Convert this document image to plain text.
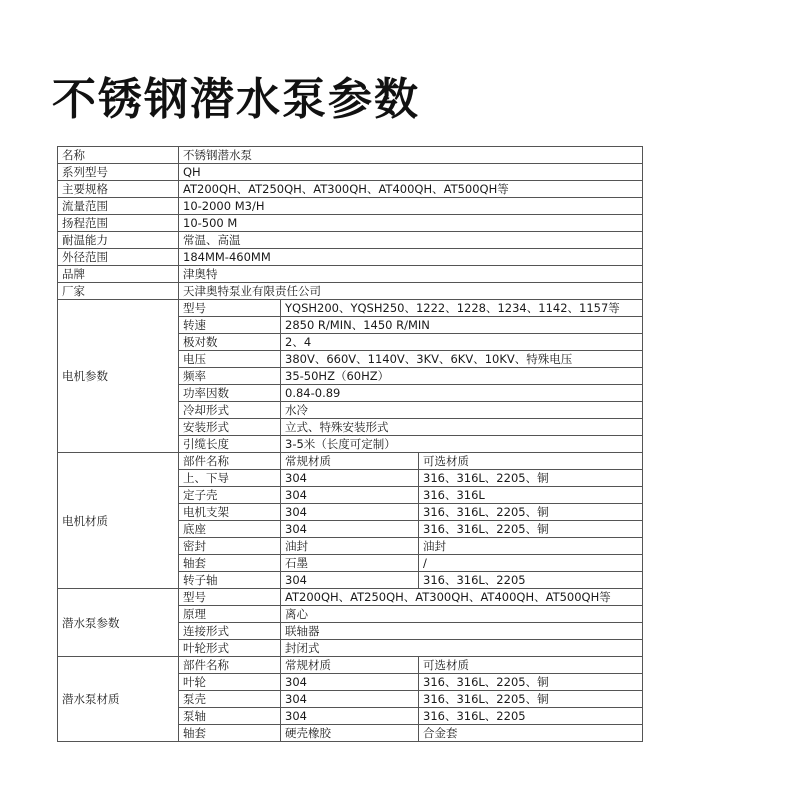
不锈钢潜水泵参数
名称	不锈钢潜水泵		
系列型号	QH		
主要规格	AT200QH、AT250QH、AT300QH、AT400QH、AT500QH等		
流量范围	10-2000 M3/H		
扬程范围	10-500 M		
耐温能力	常温、高温		
外径范围	184MM-460MM		
品牌	津奥特		
厂家	天津奥特泵业有限责任公司		
电机参数	型号	YQSH200、YQSH250、1222、1228、1234、1142、1157等	
	转速	2850 R/MIN、1450 R/MIN	
	极对数	2、4	
	电压	380V、660V、1140V、3KV、6KV、10KV、特殊电压	
	频率	35-50HZ（60HZ）	
	功率因数	0.84-0.89	
	冷却形式	水冷	
	安装形式	立式、特殊安装形式	
	引缆长度	3-5米（长度可定制）	
电机材质	部件名称	常规材质	可选材质
	上、下导	304	316、316L、2205、铜
	定子壳	304	316、316L
	电机支架	304	316、316L、2205、铜
	底座	304	316、316L、2205、铜
	密封	油封	油封
	轴套	石墨	/
	转子轴	304	316、316L、2205
潜水泵参数	型号	AT200QH、AT250QH、AT300QH、AT400QH、AT500QH等	
	原理	离心	
	连接形式	联轴器	
	叶轮形式	封闭式	
潜水泵材质	部件名称	常规材质	可选材质
	叶轮	304	316、316L、2205、铜
	泵壳	304	316、316L、2205、铜
	泵轴	304	316、316L、2205
	轴套	硬壳橡胶	合金套
